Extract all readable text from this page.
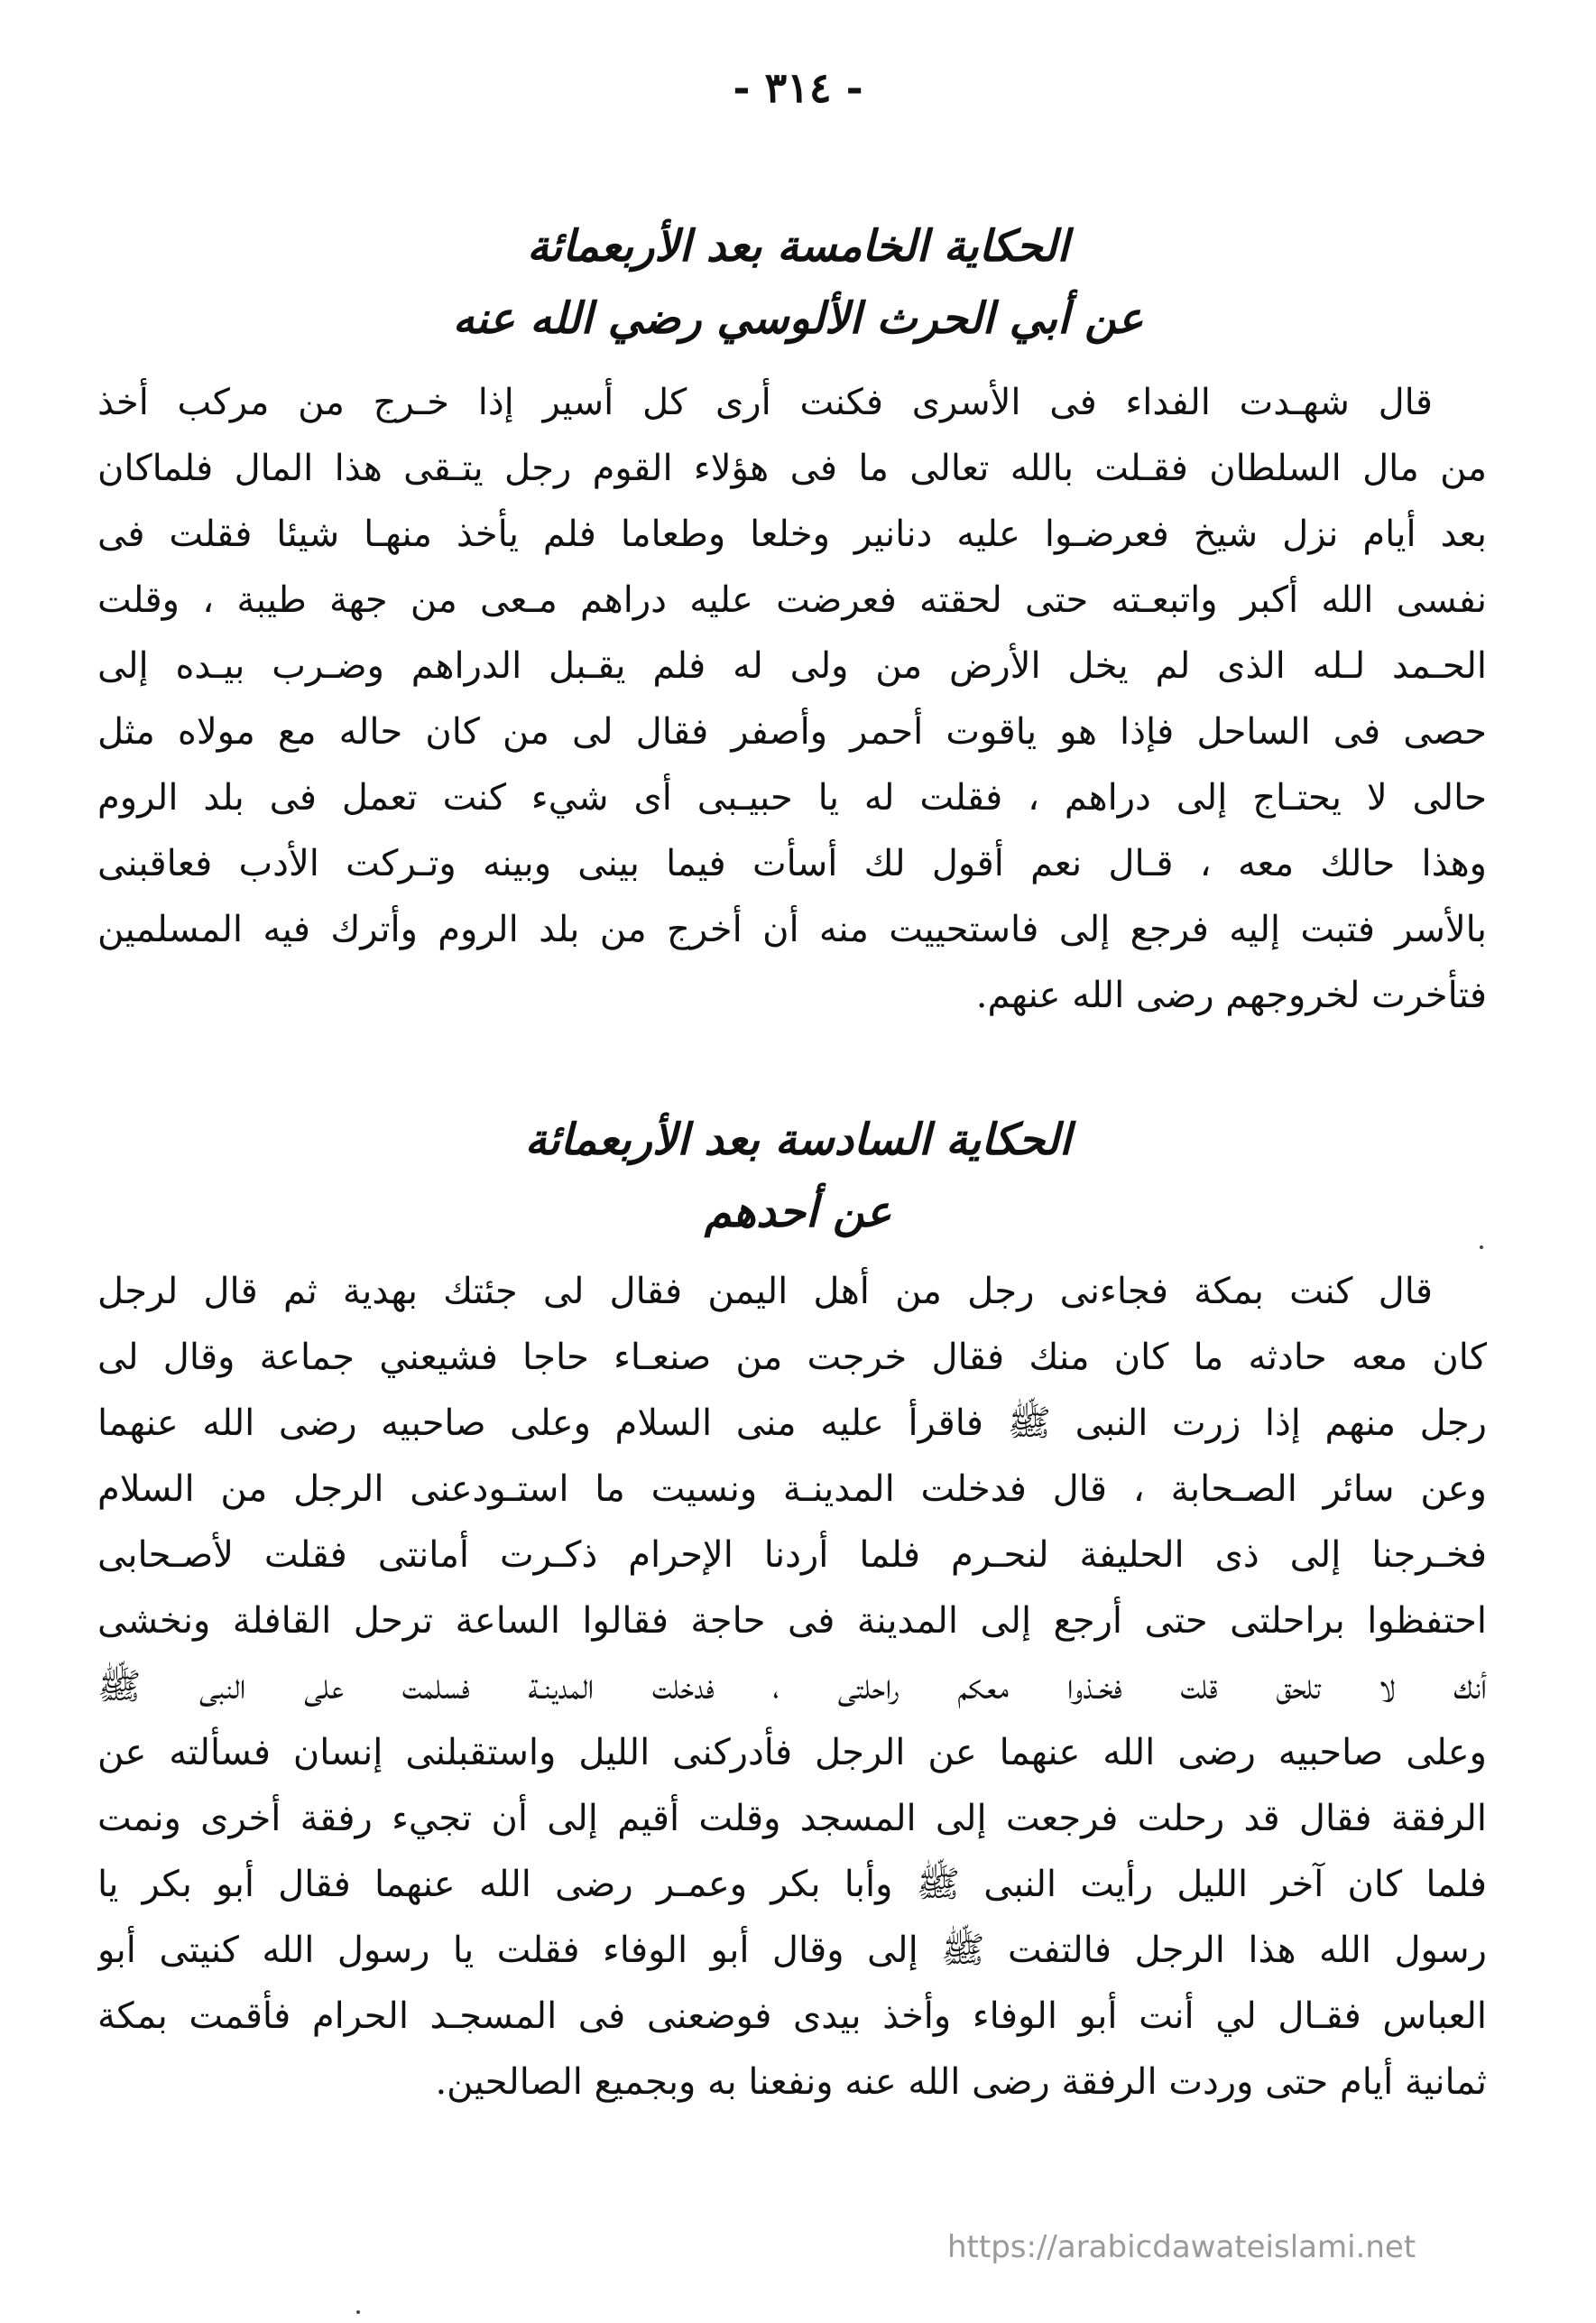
- ٣١٤ -
الحكاية الخامسة بعد الأربعمائة
عن أبي الحرث الألوسي رضي الله عنه
قال شهـدت الفداء فى الأسرى فكنت أرى كل أسير إذا خـرج من مركب أخذ
من مال السلطان فقـلت بالله تعالى ما فى هؤلاء القوم رجل يتـقى هذا المال فلماكان
بعد أيام نزل شيخ فعرضـوا عليه دنانير وخلعا وطعاما فلم يأخذ منهـا شيئا فقلت فى
نفسى الله أكبر واتبعـته حتى لحقته فعرضت عليه دراهم مـعى من جهة طيبة ، وقلت
الحـمد لـله الذى لم يخل الأرض من ولى له فلم يقـبل الدراهم وضـرب بيـده إلى
حصى فى الساحل فإذا هو ياقوت أحمر وأصفر فقال لى من كان حاله مع مولاه مثل
حالى لا يحتـاج إلى دراهم ، فقلت له يا حبيـبى أى شيء كنت تعمل فى بلد الروم
وهذا حالك معه ، قـال نعم أقول لك أسأت فيما بينى وبينه وتـركت الأدب فعاقبنى
بالأسر فتبت إليه فرجع إلى فاستحييت منه أن أخرج من بلد الروم وأترك فيه المسلمين
فتأخرت لخروجهم رضى الله عنهم.
الحكاية السادسة بعد الأربعمائة
عن أحدهم
قال كنت بمكة فجاءنى رجل من أهل اليمن فقال لى جئتك بهدية ثم قال لرجل
كان معه حادثه ما كان منك فقال خرجت من صنعـاء حاجا فشيعني جماعة وقال لى
رجل منهم إذا زرت النبى ﷺ فاقرأ عليه منى السلام وعلى صاحبيه رضى الله عنهما
وعن سائر الصـحابة ، قال فدخلت المدينـة ونسيت ما استـودعنى الرجل من السلام
فخـرجنا إلى ذى الحليفة لنحـرم فلما أردنا الإحرام ذكـرت أمانتى فقلت لأصـحابى
احتفظوا براحلتى حتى أرجع إلى المدينة فى حاجة فقالوا الساعة ترحل القافلة ونخشى
أنك لا تلحق قلت فخـذوا معكم راحلتى ، فدخلت المدينـة فسلمت على النبى ﷺ
وعلى صاحبيه رضى الله عنهما عن الرجل فأدركنى الليل واستقبلنى إنسان فسألته عن
الرفقة فقال قد رحلت فرجعت إلى المسجد وقلت أقيم إلى أن تجيء رفقة أخرى ونمت
فلما كان آخر الليل رأيت النبى ﷺ وأبا بكر وعمـر رضى الله عنهما فقال أبو بكر يا
رسول الله هذا الرجل فالتفت ﷺ إلى وقال أبو الوفاء فقلت يا رسول الله كنيتى أبو
العباس فقـال لي أنت أبو الوفاء وأخذ بيدى فوضعنى فى المسجـد الحرام فأقمت بمكة
ثمانية أيام حتى وردت الرفقة رضى الله عنه ونفعنا به وبجميع الصالحين.
https://arabicdawateislami.net
